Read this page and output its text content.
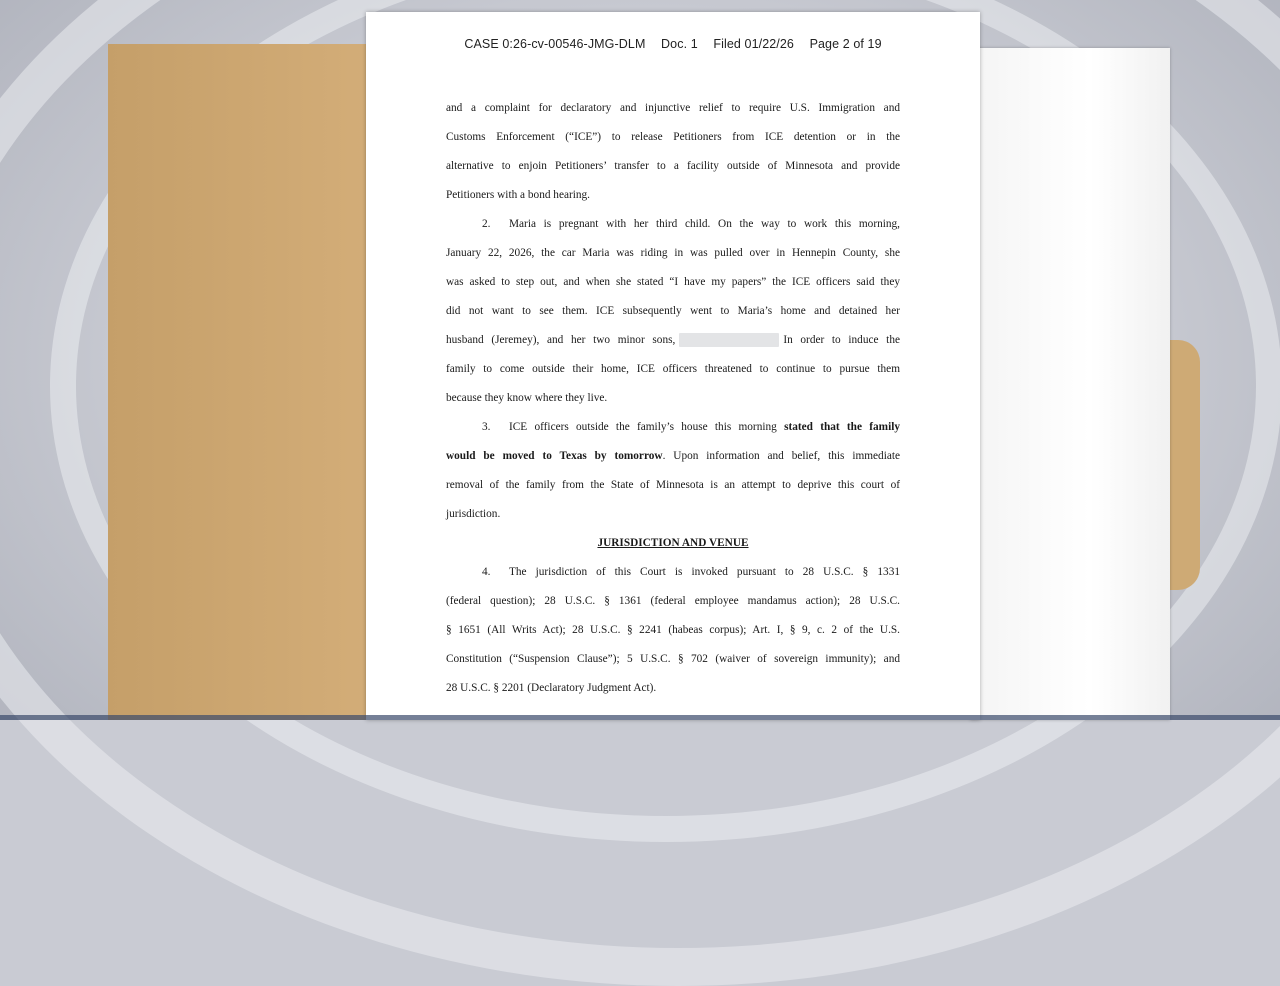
CASE 0:26-cv-00546-JMG-DLM Doc. 1 Filed 01/22/26 Page 2 of 19
and a complaint for declaratory and injunctive relief to require U.S. Immigration and
Customs Enforcement (“ICE”) to release Petitioners from ICE detention or in the
alternative to enjoin Petitioners’ transfer to a facility outside of Minnesota and provide
Petitioners with a bond hearing.
2. Maria is pregnant with her third child. On the way to work this morning,
January 22, 2026, the car Maria was riding in was pulled over in Hennepin County, she
was asked to step out, and when she stated “I have my papers” the ICE officers said they
did not want to see them. ICE subsequently went to Maria’s home and detained her
husband (Jeremey), and her two minor sons,	In order to induce the
family to come outside their home, ICE officers threatened to continue to pursue them
because they know where they live.
3. ICE officers outside the family’s house this morning stated that the family
would be moved to Texas by tomorrow. Upon information and belief, this immediate
removal of the family from the State of Minnesota is an attempt to deprive this court of
jurisdiction.
JURISDICTION AND VENUE
4. The jurisdiction of this Court is invoked pursuant to 28 U.S.C. § 1331
(federal question); 28 U.S.C. § 1361 (federal employee mandamus action); 28 U.S.C.
§ 1651 (All Writs Act); 28 U.S.C. § 2241 (habeas corpus); Art. I, § 9, c. 2 of the U.S.
Constitution (“Suspension Clause”); 5 U.S.C. § 702 (waiver of sovereign immunity); and
28 U.S.C. § 2201 (Declaratory Judgment Act).
